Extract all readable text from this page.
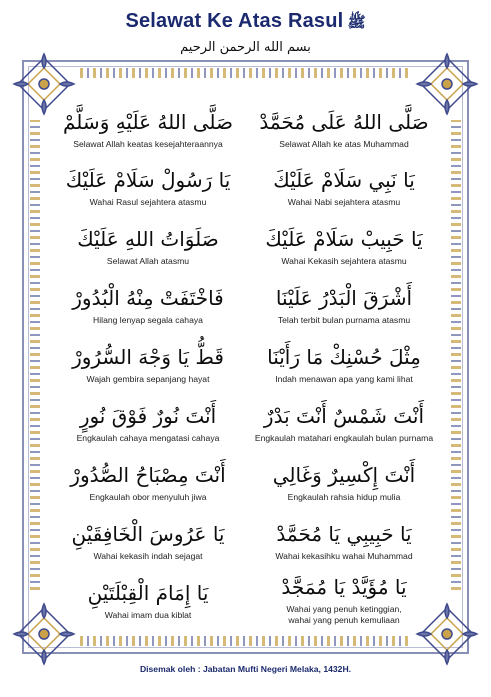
Selawat Ke Atas Rasul ﷺ
بسم الله الرحمن الرحيم
صَلَّى اللهُ عَلَيْهِ وَسَلَّمْ
Selawat Allah keatas kesejahteraannya
صَلَّى اللهُ عَلَى مُحَمَّدْ
Selawat Allah ke atas Muhammad
يَا رَسُولْ سَلَامْ عَلَيْكَ
Wahai Rasul sejahtera atasmu
يَا نَبِي سَلَامْ عَلَيْكَ
Wahai Nabi sejahtera atasmu
صَلَوَاتُ اللهِ عَلَيْكَ
Selawat Allah atasmu
يَا حَبِيبْ سَلَامْ عَلَيْكَ
Wahai Kekasih sejahtera atasmu
فَاخْتَفَتْ مِنْهُ الْبُدُورْ
Hilang lenyap segala cahaya
أَشْرَقَ الْبَدْرُ عَلَيْنَا
Telah terbit bulan purnama atasmu
قَطُّ يَا وَجْهَ السُّرُورْ
Wajah gembira sepanjang hayat
مِثْلَ حُسْنِكْ مَا رَأَيْنَا
Indah menawan apa yang kami lihat
أَنْتَ نُورٌ فَوْقَ نُورٍ
Engkaulah cahaya mengatasi cahaya
أَنْتَ شَمْسٌ أَنْتَ بَدْرٌ
Engkaulah matahari engkaulah bulan purnama
أَنْتَ مِصْبَاحُ الصُّدُورْ
Engkaulah obor menyuluh jiwa
أَنْتَ إِكْسِيرٌ وَغَالِي
Engkaulah rahsia hidup mulia
يَا عَرُوسَ الْخَافِقَيْنِ
Wahai kekasih indah sejagat
يَا حَبِيبِي يَا مُحَمَّدْ
Wahai kekasihku wahai Muhammad
يَا إِمَامَ الْقِبْلَتَيْنِ
Wahai imam dua kiblat
يَا مُؤَيَّدْ يَا مُمَجَّدْ
Wahai yang penuh ketinggian,
wahai yang penuh kemuliaan
Disemak oleh : Jabatan Mufti Negeri Melaka, 1432H.
